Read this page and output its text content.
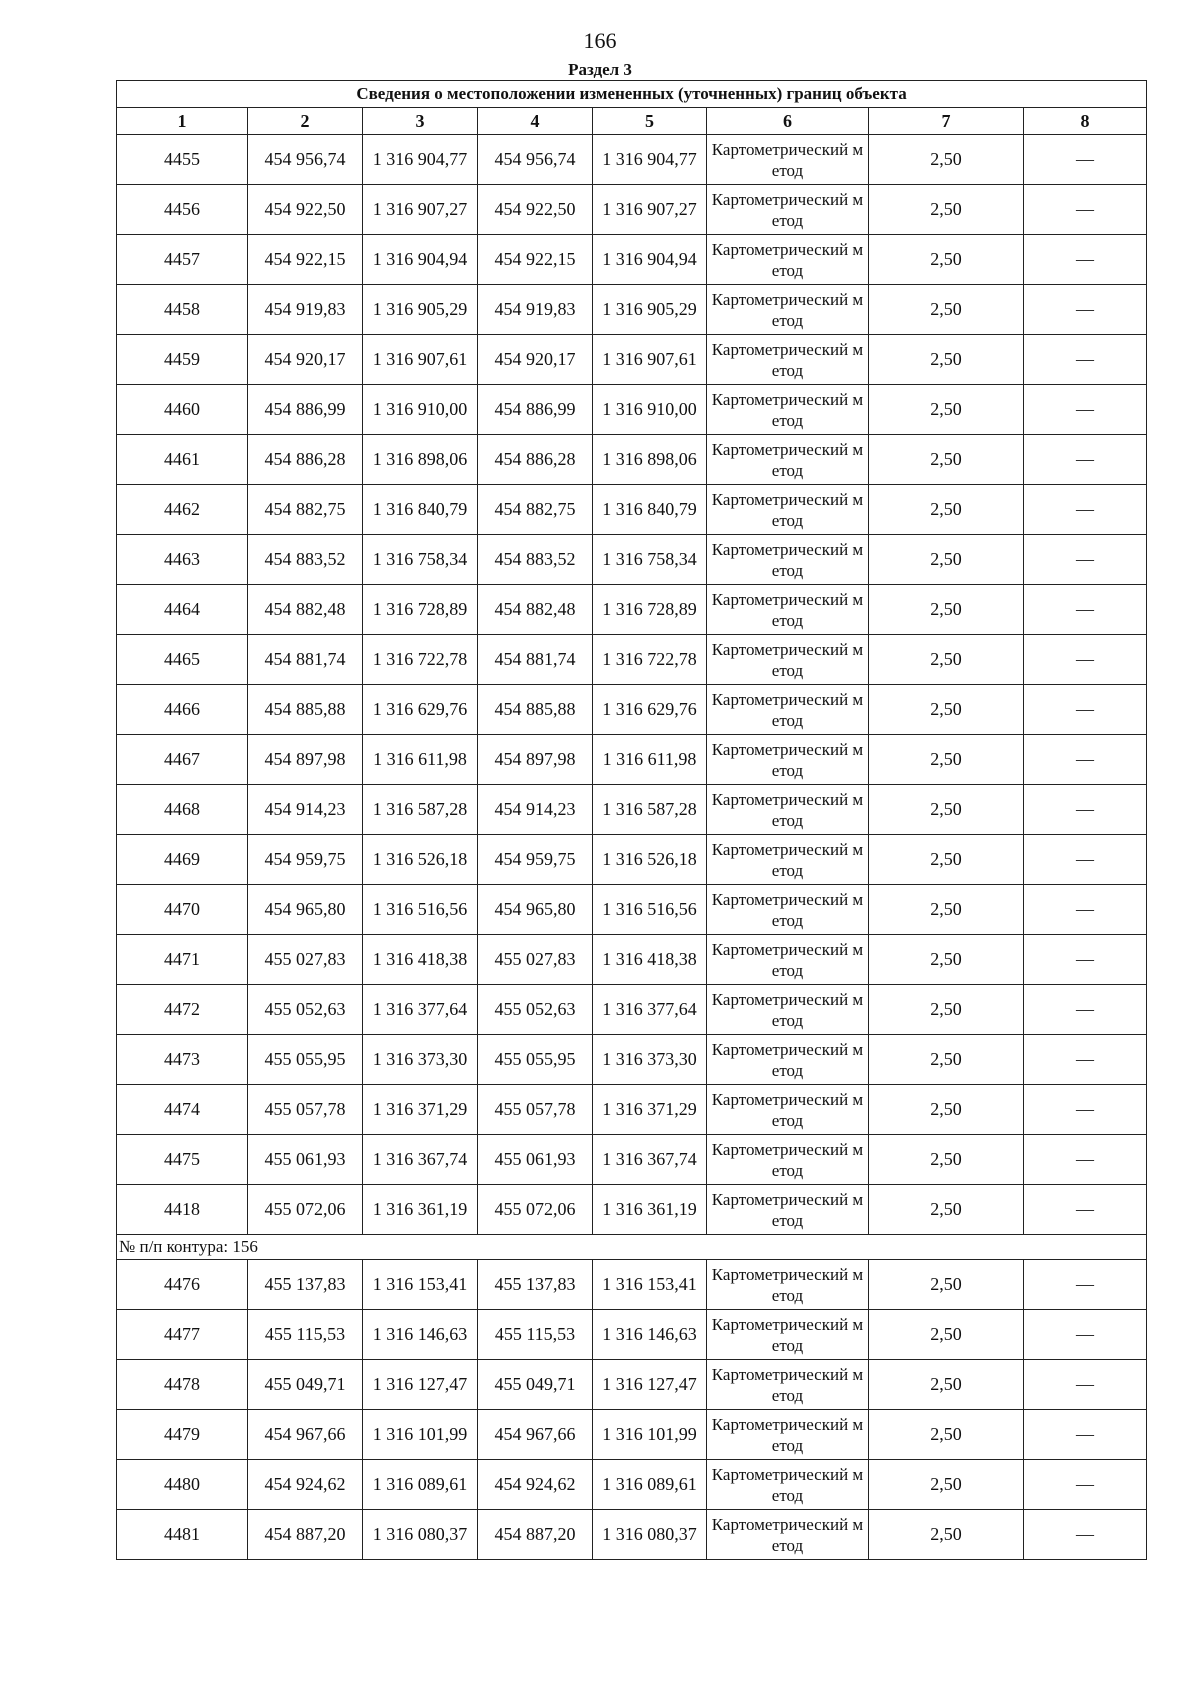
166
Раздел 3
Сведения о местоположении измененных (уточненных) границ объекта							
1	2	3	4	5	6	7	8
4455	454 956,74	1 316 904,77	454 956,74	1 316 904,77	Картометрический метод	2,50	—
4456	454 922,50	1 316 907,27	454 922,50	1 316 907,27	Картометрический метод	2,50	—
4457	454 922,15	1 316 904,94	454 922,15	1 316 904,94	Картометрический метод	2,50	—
4458	454 919,83	1 316 905,29	454 919,83	1 316 905,29	Картометрический метод	2,50	—
4459	454 920,17	1 316 907,61	454 920,17	1 316 907,61	Картометрический метод	2,50	—
4460	454 886,99	1 316 910,00	454 886,99	1 316 910,00	Картометрический метод	2,50	—
4461	454 886,28	1 316 898,06	454 886,28	1 316 898,06	Картометрический метод	2,50	—
4462	454 882,75	1 316 840,79	454 882,75	1 316 840,79	Картометрический метод	2,50	—
4463	454 883,52	1 316 758,34	454 883,52	1 316 758,34	Картометрический метод	2,50	—
4464	454 882,48	1 316 728,89	454 882,48	1 316 728,89	Картометрический метод	2,50	—
4465	454 881,74	1 316 722,78	454 881,74	1 316 722,78	Картометрический метод	2,50	—
4466	454 885,88	1 316 629,76	454 885,88	1 316 629,76	Картометрический метод	2,50	—
4467	454 897,98	1 316 611,98	454 897,98	1 316 611,98	Картометрический метод	2,50	—
4468	454 914,23	1 316 587,28	454 914,23	1 316 587,28	Картометрический метод	2,50	—
4469	454 959,75	1 316 526,18	454 959,75	1 316 526,18	Картометрический метод	2,50	—
4470	454 965,80	1 316 516,56	454 965,80	1 316 516,56	Картометрический метод	2,50	—
4471	455 027,83	1 316 418,38	455 027,83	1 316 418,38	Картометрический метод	2,50	—
4472	455 052,63	1 316 377,64	455 052,63	1 316 377,64	Картометрический метод	2,50	—
4473	455 055,95	1 316 373,30	455 055,95	1 316 373,30	Картометрический метод	2,50	—
4474	455 057,78	1 316 371,29	455 057,78	1 316 371,29	Картометрический метод	2,50	—
4475	455 061,93	1 316 367,74	455 061,93	1 316 367,74	Картометрический метод	2,50	—
4418	455 072,06	1 316 361,19	455 072,06	1 316 361,19	Картометрический метод	2,50	—
№ п/п контура: 156							
4476	455 137,83	1 316 153,41	455 137,83	1 316 153,41	Картометрический метод	2,50	—
4477	455 115,53	1 316 146,63	455 115,53	1 316 146,63	Картометрический метод	2,50	—
4478	455 049,71	1 316 127,47	455 049,71	1 316 127,47	Картометрический метод	2,50	—
4479	454 967,66	1 316 101,99	454 967,66	1 316 101,99	Картометрический метод	2,50	—
4480	454 924,62	1 316 089,61	454 924,62	1 316 089,61	Картометрический метод	2,50	—
4481	454 887,20	1 316 080,37	454 887,20	1 316 080,37	Картометрический метод	2,50	—
